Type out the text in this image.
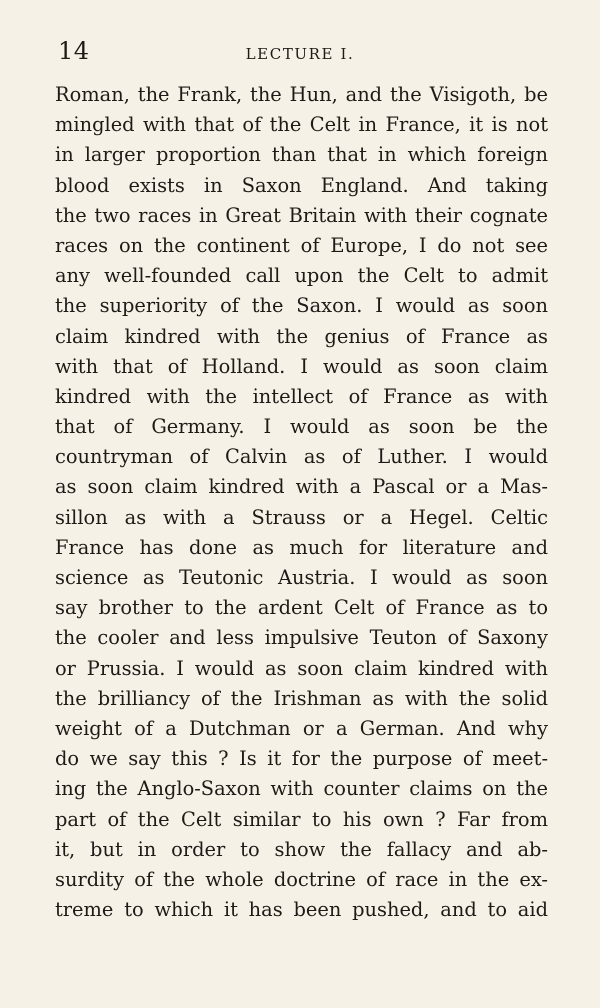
14	LECTURE I.
Roman, the Frank, the Hun, and the Visigoth, be
mingled with that of the Celt in France, it is not
in larger proportion than that in which foreign
blood exists in Saxon England. And taking
the two races in Great Britain with their cognate
races on the continent of Europe, I do not see
any well-founded call upon the Celt to admit
the superiority of the Saxon. I would as soon
claim kindred with the genius of France as
with that of Holland. I would as soon claim
kindred with the intellect of France as with
that of Germany. I would as soon be the
countryman of Calvin as of Luther. I would
as soon claim kindred with a Pascal or a Mas-
sillon as with a Strauss or a Hegel. Celtic
France has done as much for literature and
science as Teutonic Austria. I would as soon
say brother to the ardent Celt of France as to
the cooler and less impulsive Teuton of Saxony
or Prussia. I would as soon claim kindred with
the brilliancy of the Irishman as with the solid
weight of a Dutchman or a German. And why
do we say this ? Is it for the purpose of meet-
ing the Anglo-Saxon with counter claims on the
part of the Celt similar to his own ? Far from
it, but in order to show the fallacy and ab-
surdity of the whole doctrine of race in the ex-
treme to which it has been pushed, and to aid
